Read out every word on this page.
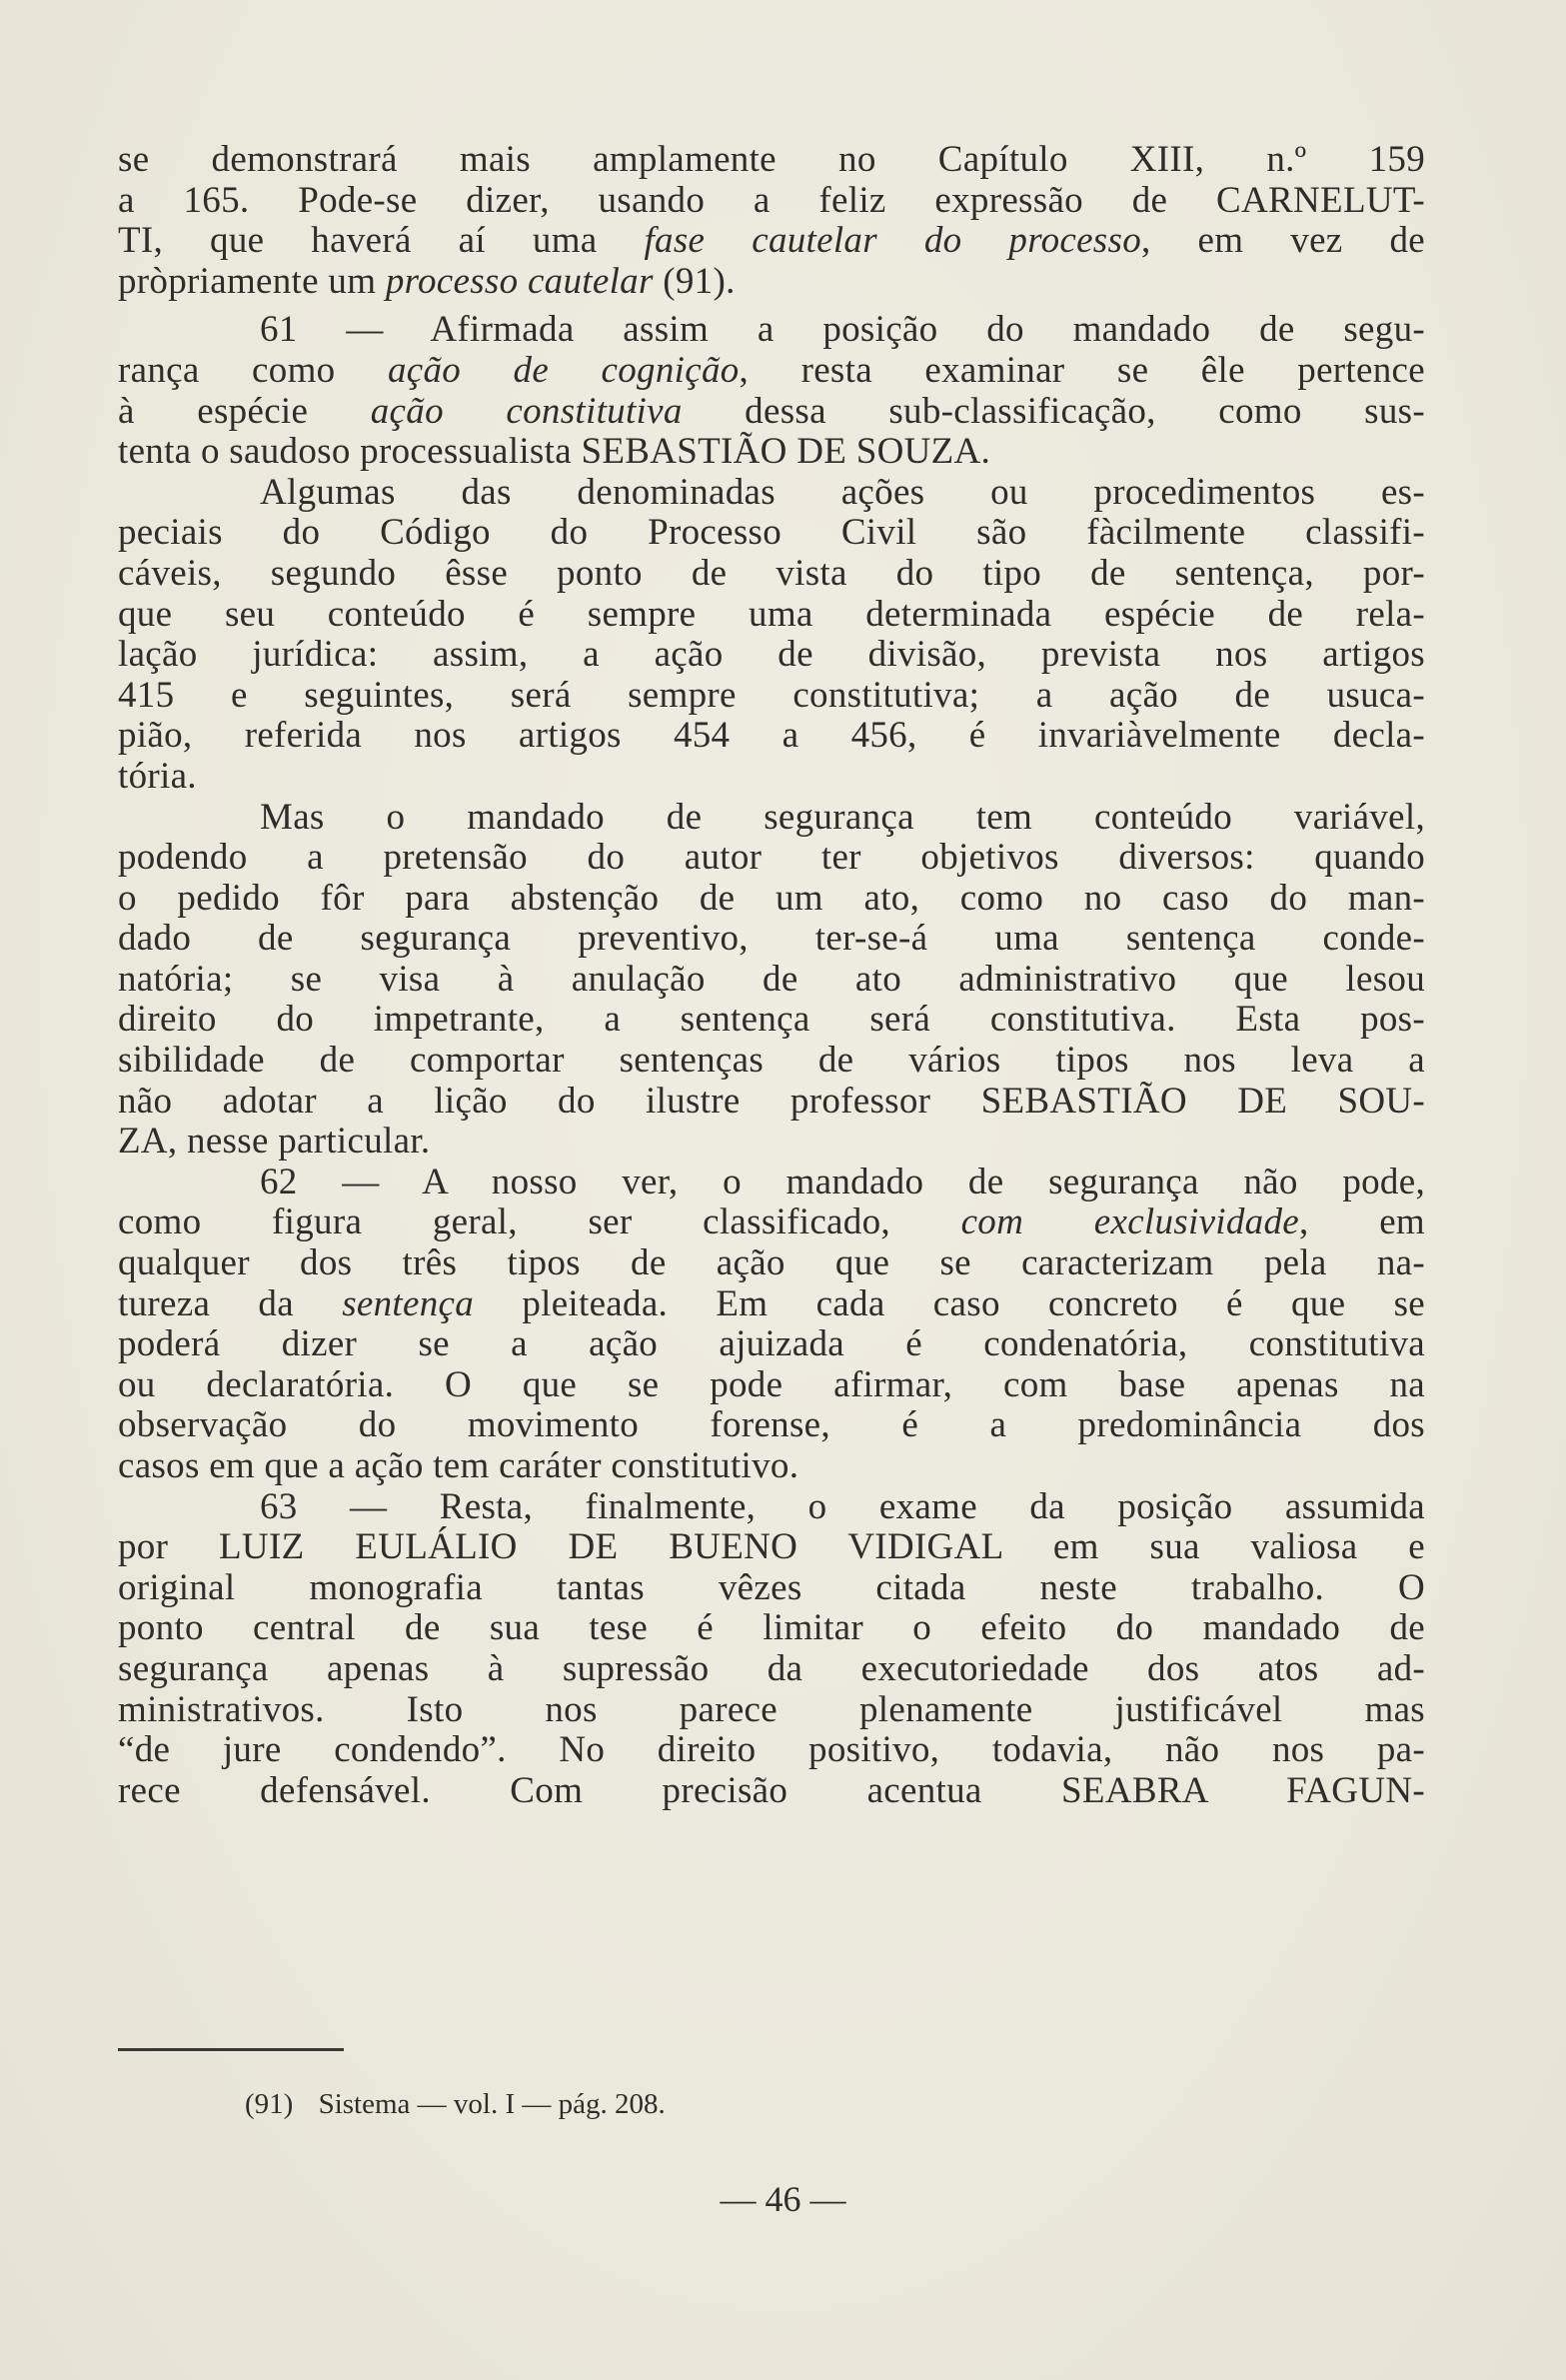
se demonstrará mais amplamente no Capítulo XIII, n.º 159
a 165. Pode-se dizer, usando a feliz expressão de CARNELUT-
TI, que haverá aí uma fase cautelar do processo, em vez de
pròpriamente um processo cautelar (91).
61 — Afirmada assim a posição do mandado de segu-
rança como ação de cognição, resta examinar se êle pertence
à espécie ação constitutiva dessa sub-classificação, como sus-
tenta o saudoso processualista SEBASTIÃO DE SOUZA.
Algumas das denominadas ações ou procedimentos es-
peciais do Código do Processo Civil são fàcilmente classifi-
cáveis, segundo êsse ponto de vista do tipo de sentença, por-
que seu conteúdo é sempre uma determinada espécie de rela-
lação jurídica: assim, a ação de divisão, prevista nos artigos
415 e seguintes, será sempre constitutiva; a ação de usuca-
pião, referida nos artigos 454 a 456, é invariàvelmente decla-
tória.
Mas o mandado de segurança tem conteúdo variável,
podendo a pretensão do autor ter objetivos diversos: quando
o pedido fôr para abstenção de um ato, como no caso do man-
dado de segurança preventivo, ter-se-á uma sentença conde-
natória; se visa à anulação de ato administrativo que lesou
direito do impetrante, a sentença será constitutiva. Esta pos-
sibilidade de comportar sentenças de vários tipos nos leva a
não adotar a lição do ilustre professor SEBASTIÃO DE SOU-
ZA, nesse particular.
62 — A nosso ver, o mandado de segurança não pode,
como figura geral, ser classificado, com exclusividade, em
qualquer dos três tipos de ação que se caracterizam pela na-
tureza da sentença pleiteada. Em cada caso concreto é que se
poderá dizer se a ação ajuizada é condenatória, constitutiva
ou declaratória. O que se pode afirmar, com base apenas na
observação do movimento forense, é a predominância dos
casos em que a ação tem caráter constitutivo.
63 — Resta, finalmente, o exame da posição assumida
por LUIZ EULÁLIO DE BUENO VIDIGAL em sua valiosa e
original monografia tantas vêzes citada neste trabalho. O
ponto central de sua tese é limitar o efeito do mandado de
segurança apenas à supressão da executoriedade dos atos ad-
ministrativos. Isto nos parece plenamente justificável mas
“de jure condendo”. No direito positivo, todavia, não nos pa-
rece defensável. Com precisão acentua SEABRA FAGUN-
(91) Sistema — vol. I — pág. 208.
— 46 —
